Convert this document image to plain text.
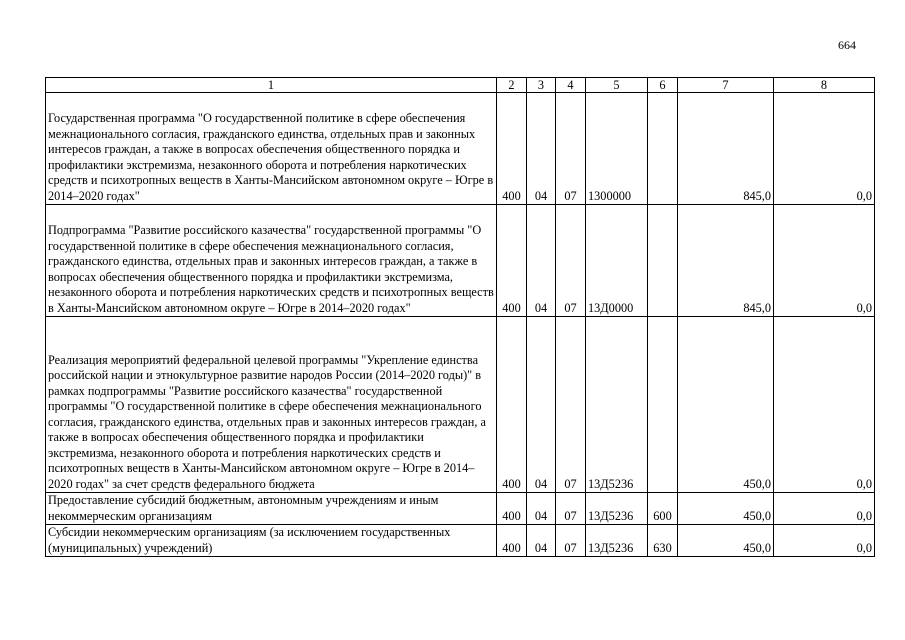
664
1	2	3	4	5	6	7	8
Государственная программа "О государственной политике в сфере обеспечения межнационального согласия, гражданского единства, отдельных прав и законных интересов граждан, а также в вопросах обеспечения общественного порядка и профилактики экстремизма, незаконного оборота и потребления наркотических средств и психотропных веществ в Ханты-Мансийском автономном округе – Югре в 2014–2020 годах"	400	04	07	1300000		845,0	0,0
Подпрограмма "Развитие российского казачества" государственной программы "О государственной политике в сфере обеспечения межнационального согласия, гражданского единства, отдельных прав и законных интересов граждан, а также в вопросах обеспечения общественного порядка и профилактики экстремизма, незаконного оборота и потребления наркотических средств и психотропных веществ в Ханты-Мансийском автономном округе – Югре в 2014–2020 годах"	400	04	07	13Д0000		845,0	0,0
Реализация мероприятий федеральной целевой программы "Укрепление единства российской нации и этнокультурное развитие народов России (2014–2020 годы)" в рамках подпрограммы "Развитие российского казачества" государственной программы "О государственной политике в сфере обеспечения межнационального согласия, гражданского единства, отдельных прав и законных интересов граждан, а также в вопросах обеспечения общественного порядка и профилактики экстремизма, незаконного оборота и потребления наркотических средств и психотропных веществ в Ханты-Мансийском автономном округе – Югре в 2014–2020 годах" за счет средств федерального бюджета	400	04	07	13Д5236		450,0	0,0
Предоставление субсидий бюджетным, автономным учреждениям и иным некоммерческим организациям	400	04	07	13Д5236	600	450,0	0,0
Субсидии некоммерческим организациям (за исключением государственных (муниципальных) учреждений)	400	04	07	13Д5236	630	450,0	0,0
